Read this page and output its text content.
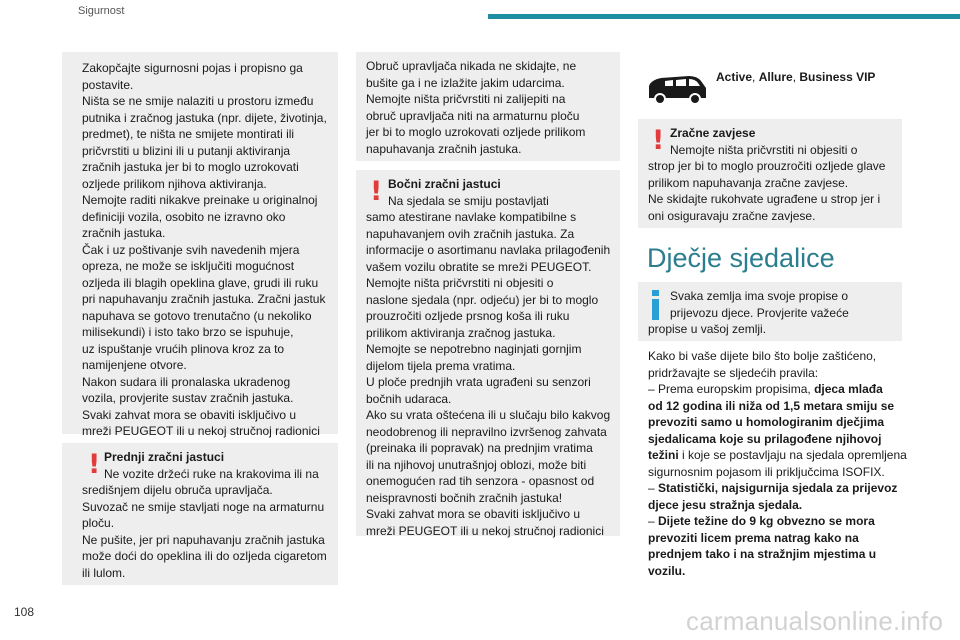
Sigurnost

Zakopčajte sigurnosni pojas i propisno ga
postavite.
Ništa se ne smije nalaziti u prostoru između
putnika i zračnog jastuka (npr. dijete, životinja,
predmet), te ništa ne smijete montirati ili
pričvrstiti u blizini ili u putanji aktiviranja
zračnih jastuka jer bi to moglo uzrokovati
ozljede prilikom njihova aktiviranja.
Nemojte raditi nikakve preinake u originalnoj
definiciji vozila, osobito ne izravno oko
zračnih jastuka.
Čak i uz poštivanje svih navedenih mjera
opreza, ne može se isključiti mogućnost
ozljeda ili blagih opeklina glave, grudi ili ruku
pri napuhavanju zračnih jastuka. Zračni jastuk
napuhava se gotovo trenutačno (u nekoliko
milisekundi) i isto tako brzo se ispuhuje,
uz ispuštanje vrućih plinova kroz za to
namijenjene otvore.
Nakon sudara ili pronalaska ukradenog
vozila, provjerite sustav zračnih jastuka.
Svaki zahvat mora se obaviti isključivo u
mreži PEUGEOT ili u nekoj stručnoj radionici

! Prednji zračni jastuci

Ne vozite držeći ruke na krakovima ili na

središnjem dijelu obruča upravljača.
Suvozač ne smije stavljati noge na armaturnu
ploču.
Ne pušite, jer pri napuhavanju zračnih jastuka
može doći do opeklina ili do ozljeda cigaretom
ili lulom.

Obruč upravljača nikada ne skidajte, ne
bušite ga i ne izlažite jakim udarcima.
Nemojte ništa pričvrstiti ni zalijepiti na
obruč upravljača niti na armaturnu ploču
jer bi to moglo uzrokovati ozljede prilikom
napuhavanja zračnih jastuka.

! Bočni zračni jastuci

Na sjedala se smiju postavljati

samo atestirane navlake kompatibilne s
napuhavanjem ovih zračnih jastuka. Za
informacije o asortimanu navlaka prilagođenih
vašem vozilu obratite se mreži PEUGEOT.
Nemojte ništa pričvrstiti ni objesiti o
naslone sjedala (npr. odjeću) jer bi to moglo
prouzročiti ozljede prsnog koša ili ruku
prilikom aktiviranja zračnog jastuka.
Nemojte se nepotrebno naginjati gornjim
dijelom tijela prema vratima.
U ploče prednjih vrata ugrađeni su senzori
bočnih udaraca.
Ako su vrata oštećena ili u slučaju bilo kakvog
neodobrenog ili nepravilno izvršenog zahvata
(preinaka ili popravak) na prednjim vratima
ili na njihovoj unutrašnjoj oblozi, može biti
onemogućen rad tih senzora - opasnost od
neispravnosti bočnih zračnih jastuka!
Svaki zahvat mora se obaviti isključivo u
mreži PEUGEOT ili u nekoj stručnoj radionici

Active, Allure, Business VIP
! Zračne zavjese

Nemojte ništa pričvrstiti ni objesiti o

strop jer bi to moglo prouzročiti ozljede glave
prilikom napuhavanja zračne zavjese.
Ne skidajte rukohvate ugrađene u strop jer i
oni osiguravaju zračne zavjese.

Dječje sjedalice

Svaka zemlja ima svoje propise o

prijevozu djece. Provjerite važeće

propise u vašoj zemlji.

Kako bi vaše dijete bilo što bolje zaštićeno,
pridržavajte se sljedećih pravila:
– Prema europskim propisima, djeca mlađa
od 12 godina ili niža od 1,5 metara smiju se
prevoziti samo u homologiranim dječjima
sjedalicama koje su prilagođene njihovoj
težini i koje se postavljaju na sjedala opremljena
sigurnosnim pojasom ili priključcima ISOFIX.
– Statistički, najsigurnija sjedala za prijevoz
djece jesu stražnja sjedala.
– Dijete težine do 9 kg obvezno se mora
prevoziti licem prema natrag kako na
prednjem tako i na stražnjim mjestima u
vozilu.
108	carmanualsonline.info
